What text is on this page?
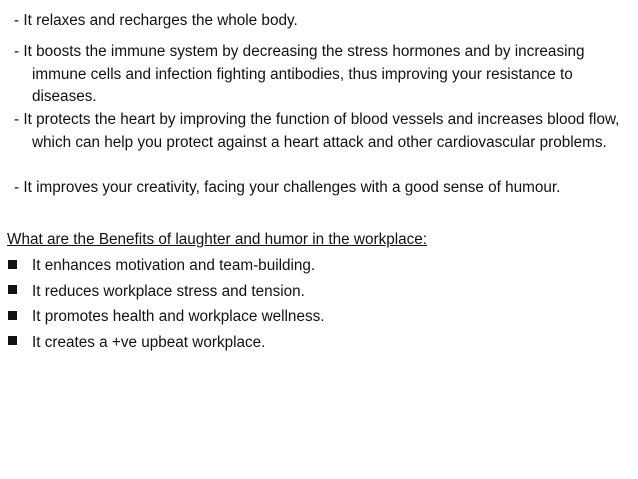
- It relaxes and recharges the whole body.
- It boosts the immune system by decreasing the stress hormones and by increasing immune cells and infection fighting antibodies, thus improving your resistance to diseases.
- It protects the heart by improving the function of blood vessels and increases blood flow, which can help you protect against a heart attack and other cardiovascular problems.
- It improves your creativity, facing your challenges with a good sense of humour.
What are the Benefits of laughter and humor in the workplace:
It enhances motivation and team-building.
It reduces workplace stress and tension.
It promotes health and workplace wellness.
It creates a +ve upbeat workplace.
